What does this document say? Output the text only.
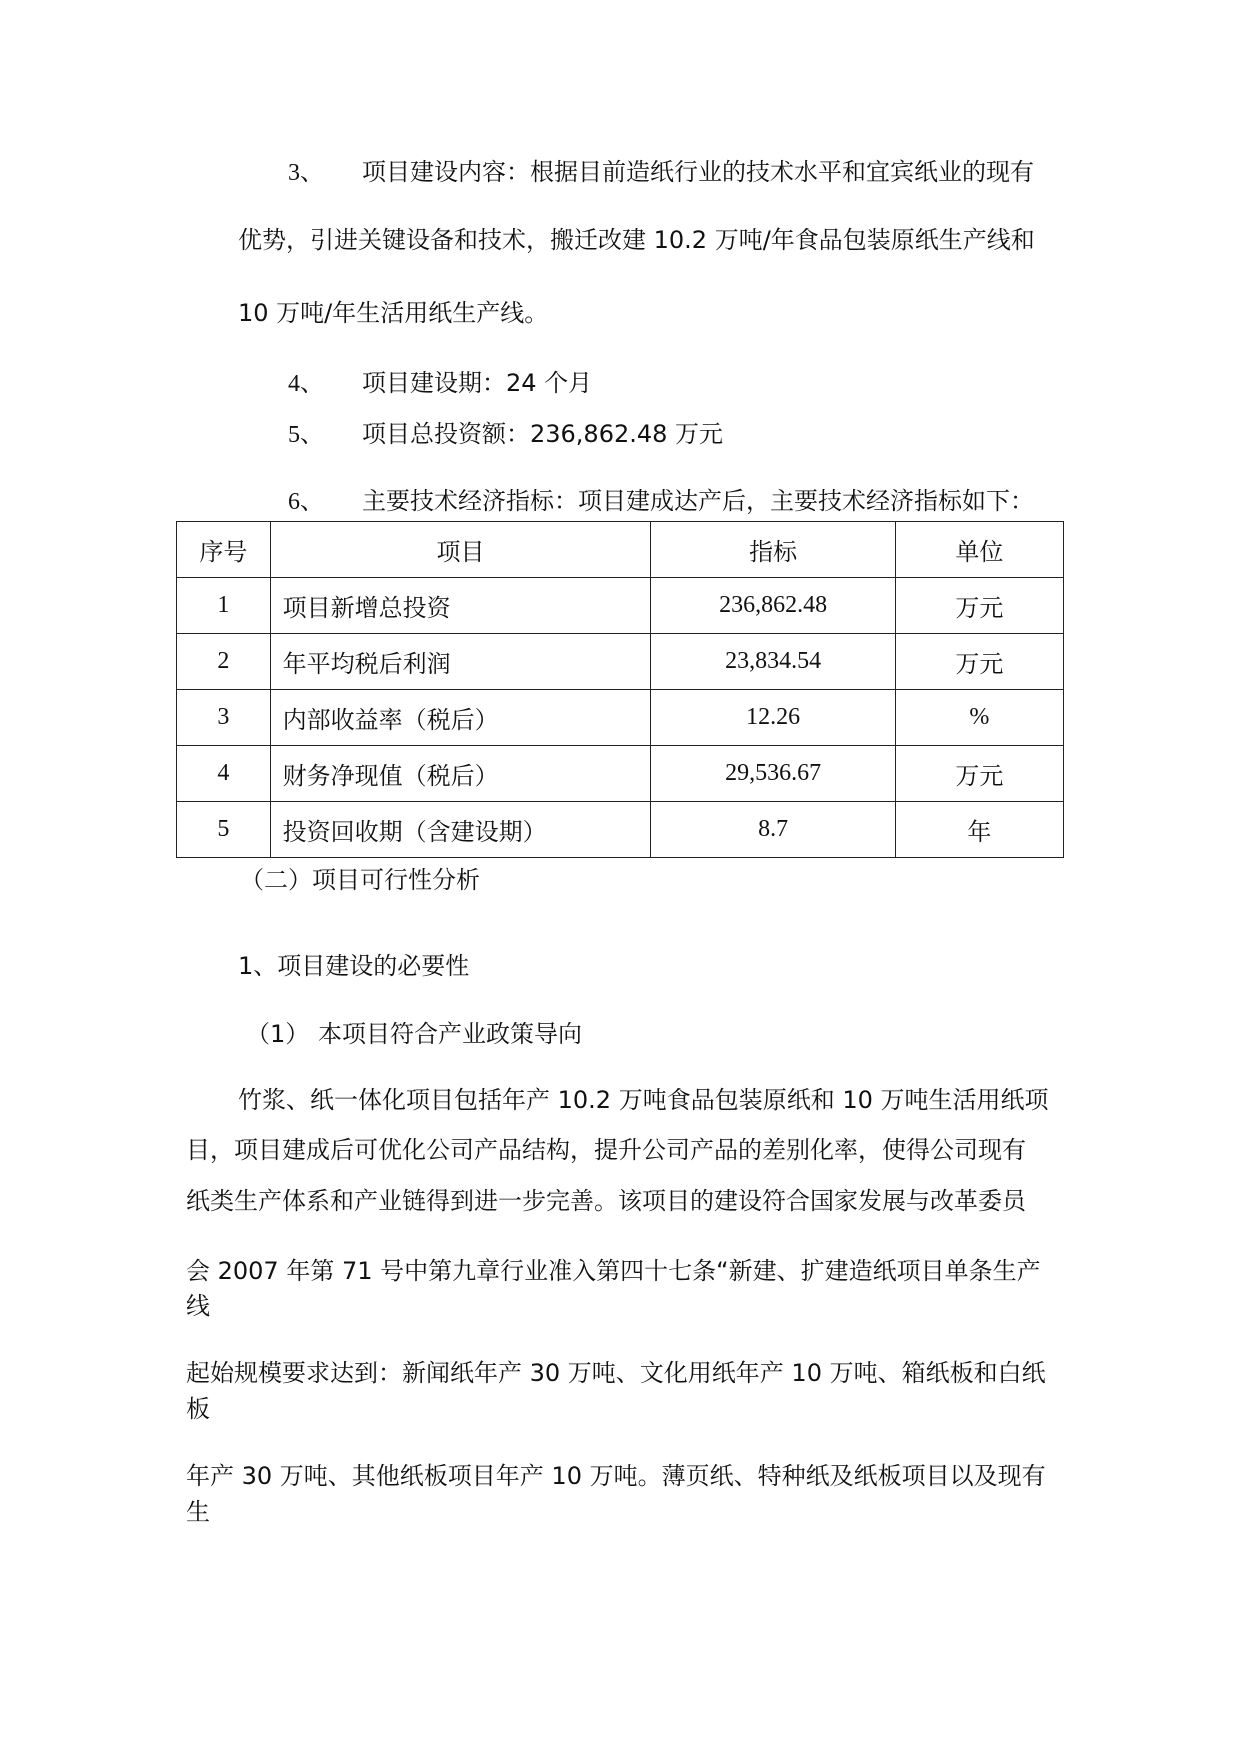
3、 项目建设内容：根据目前造纸行业的技术水平和宜宾纸业的现有
优势，引进关键设备和技术，搬迁改建 10.2 万吨/年食品包装原纸生产线和
10 万吨/年生活用纸生产线。
4、 项目建设期：24 个月
5、 项目总投资额：236,862.48 万元
6、 主要技术经济指标：项目建成达产后，主要技术经济指标如下：
序号	项目	指标	单位
1	项目新增总投资	236,862.48	万元
2	年平均税后利润	23,834.54	万元
3	内部收益率（税后）	12.26	%
4	财务净现值（税后）	29,536.67	万元
5	投资回收期（含建设期）	8.7	年
（二）项目可行性分析
1、项目建设的必要性
（1） 本项目符合产业政策导向
竹浆、纸一体化项目包括年产 10.2 万吨食品包装原纸和 10 万吨生活用纸项
目，项目建成后可优化公司产品结构，提升公司产品的差别化率，使得公司现有
纸类生产体系和产业链得到进一步完善。该项目的建设符合国家发展与改革委员
会 2007 年第 71 号中第九章行业准入第四十七条“新建、扩建造纸项目单条生产
线
起始规模要求达到：新闻纸年产 30 万吨、文化用纸年产 10 万吨、箱纸板和白纸
板
年产 30 万吨、其他纸板项目年产 10 万吨。薄页纸、特种纸及纸板项目以及现有
生
